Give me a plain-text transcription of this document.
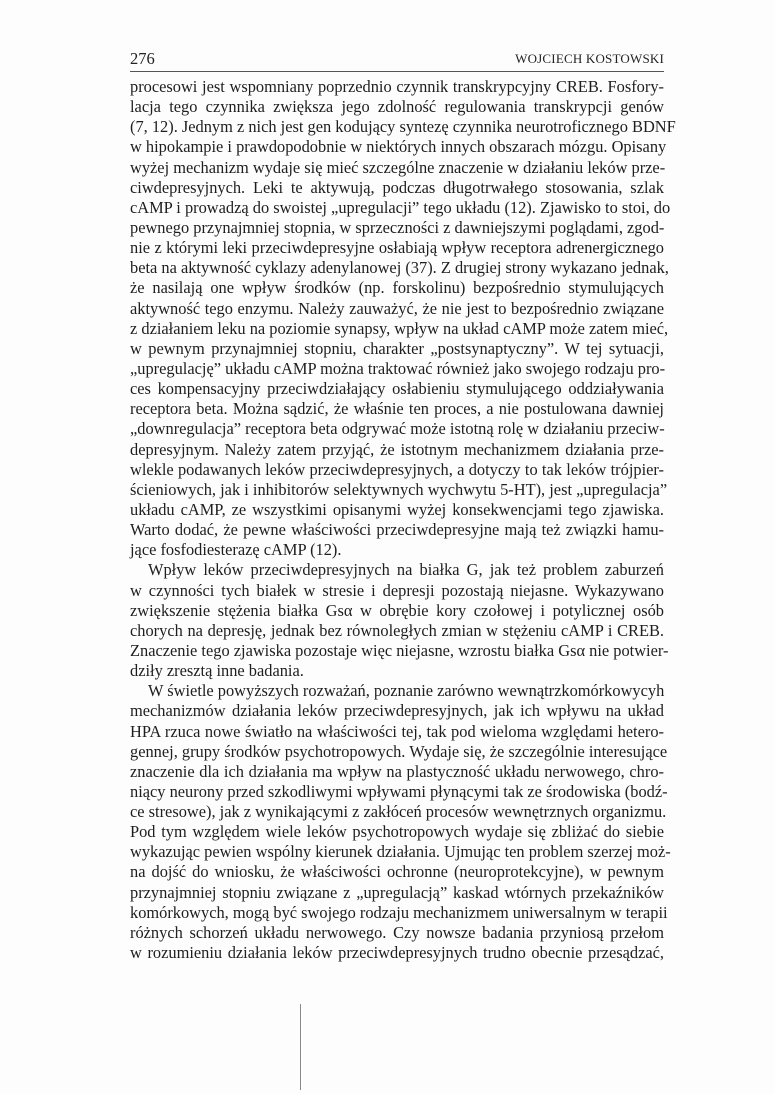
276	WOJCIECH KOSTOWSKI
procesowi jest wspomniany poprzednio czynnik transkrypcyjny CREB. Fosfory-
lacja tego czynnika zwiększa jego zdolność regulowania transkrypcji genów
(7, 12). Jednym z nich jest gen kodujący syntezę czynnika neurotroficznego BDNF
w hipokampie i prawdopodobnie w niektórych innych obszarach mózgu. Opisany
wyżej mechanizm wydaje się mieć szczególne znaczenie w działaniu leków prze-
ciwdepresyjnych. Leki te aktywują, podczas długotrwałego stosowania, szlak
cAMP i prowadzą do swoistej „upregulacji” tego układu (12). Zjawisko to stoi, do
pewnego przynajmniej stopnia, w sprzeczności z dawniejszymi poglądami, zgod-
nie z którymi leki przeciwdepresyjne osłabiają wpływ receptora adrenergicznego
beta na aktywność cyklazy adenylanowej (37). Z drugiej strony wykazano jednak,
że nasilają one wpływ środków (np. forskolinu) bezpośrednio stymulujących
aktywność tego enzymu. Należy zauważyć, że nie jest to bezpośrednio związane
z działaniem leku na poziomie synapsy, wpływ na układ cAMP może zatem mieć,
w pewnym przynajmniej stopniu, charakter „postsynaptyczny”. W tej sytuacji,
„upregulację” układu cAMP można traktować również jako swojego rodzaju pro-
ces kompensacyjny przeciwdziałający osłabieniu stymulującego oddziaływania
receptora beta. Można sądzić, że właśnie ten proces, a nie postulowana dawniej
„downregulacja” receptora beta odgrywać może istotną rolę w działaniu przeciw-
depresyjnym. Należy zatem przyjąć, że istotnym mechanizmem działania prze-
wlekle podawanych leków przeciwdepresyjnych, a dotyczy to tak leków trójpier-
ścieniowych, jak i inhibitorów selektywnych wychwytu 5-HT), jest „upregulacja”
układu cAMP, ze wszystkimi opisanymi wyżej konsekwencjami tego zjawiska.
Warto dodać, że pewne właściwości przeciwdepresyjne mają też związki hamu-
jące fosfodiesterazę cAMP (12).
Wpływ leków przeciwdepresyjnych na białka G, jak też problem zaburzeń
w czynności tych białek w stresie i depresji pozostają niejasne. Wykazywano
zwiększenie stężenia białka Gsα w obrębie kory czołowej i potylicznej osób
chorych na depresję, jednak bez równoległych zmian w stężeniu cAMP i CREB.
Znaczenie tego zjawiska pozostaje więc niejasne, wzrostu białka Gsα nie potwier-
dziły zresztą inne badania.
W świetle powyższych rozważań, poznanie zarówno wewnątrzkomórkowycyh
mechanizmów działania leków przeciwdepresyjnych, jak ich wpływu na układ
HPA rzuca nowe światło na właściwości tej, tak pod wieloma względami hetero-
gennej, grupy środków psychotropowych. Wydaje się, że szczególnie interesujące
znaczenie dla ich działania ma wpływ na plastyczność układu nerwowego, chro-
niący neurony przed szkodliwymi wpływami płynącymi tak ze środowiska (bodź-
ce stresowe), jak z wynikającymi z zakłóceń procesów wewnętrznych organizmu.
Pod tym względem wiele leków psychotropowych wydaje się zbliżać do siebie
wykazując pewien wspólny kierunek działania. Ujmując ten problem szerzej moż-
na dojść do wniosku, że właściwości ochronne (neuroprotekcyjne), w pewnym
przynajmniej stopniu związane z „upregulacją” kaskad wtórnych przekaźników
komórkowych, mogą być swojego rodzaju mechanizmem uniwersalnym w terapii
różnych schorzeń układu nerwowego. Czy nowsze badania przyniosą przełom
w rozumieniu działania leków przeciwdepresyjnych trudno obecnie przesądzać,
